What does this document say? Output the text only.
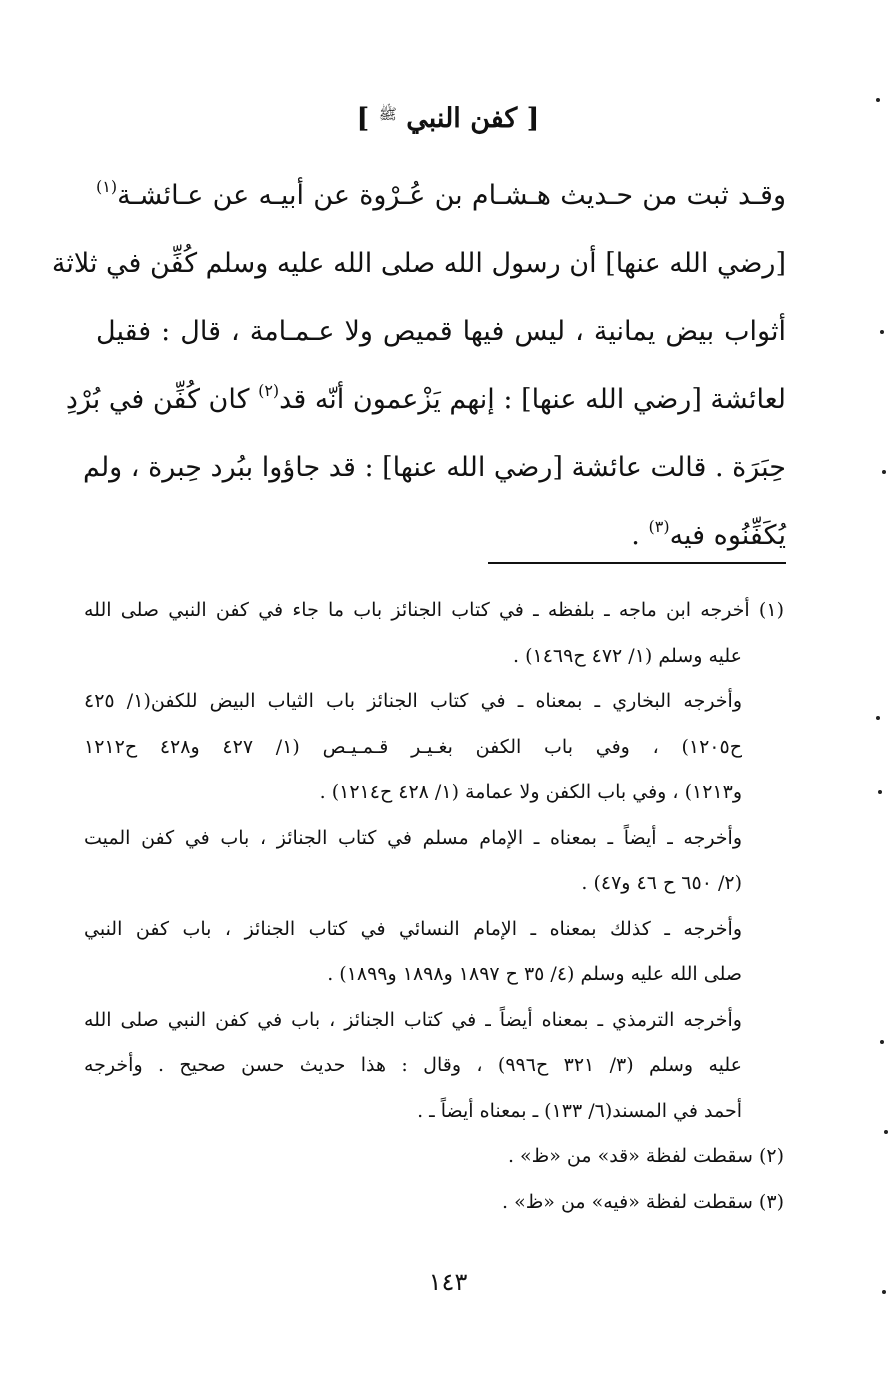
[ كفن النبي $^ﷺ$ ]
وقـد ثبت من حـديث هـشـام بن عُـرْوة عن أبيـه عن عـائشـة$^{(١)}$
[رضي الله عنها] أن رسول الله صلى الله عليه وسلم كُفِّن في ثلاثة
أثواب بيض يمانية ، ليس فيها قميص ولا عـمـامة ، قال : فقيل
لعائشة [رضي الله عنها] : إنهم يَزْعمون أنّه قد$^{(٢)}$ كان كُفِّن في بُرْدِ
حِبَرَة . قالت عائشة [رضي الله عنها] : قد جاؤوا ببُرد حِبرة ، ولم
يُكَفِّنُوه فيه$^{(٣)}$ .
(١) أخرجه ابن ماجه ـ بلفظه ـ في كتاب الجنائز باب ما جاء في كفن النبي صلى الله
عليه وسلم (١/ ٤٧٢ ح١٤٦٩) .
وأخرجه البخاري ـ بمعناه ـ في كتاب الجنائز باب الثياب البيض للكفن(١/ ٤٢٥
ح١٢٠٥) ، وفي باب الكفن بغـيـر قـمـيـص (١/ ٤٢٧ و٤٢٨ ح١٢١٢
و١٢١٣) ، وفي باب الكفن ولا عمامة (١/ ٤٢٨ ح١٢١٤) .
وأخرجه ـ أيضاً ـ بمعناه ـ الإمام مسلم في كتاب الجنائز ، باب في كفن الميت
(٢/ ٦٥٠ ح ٤٦ و٤٧) .
وأخرجه ـ كذلك بمعناه ـ الإمام النسائي في كتاب الجنائز ، باب كفن النبي
صلى الله عليه وسلم (٤/ ٣٥ ح ١٨٩٧ و١٨٩٨ و١٨٩٩) .
وأخرجه الترمذي ـ بمعناه أيضاً ـ في كتاب الجنائز ، باب في كفن النبي صلى الله
عليه وسلم (٣/ ٣٢١ ح٩٩٦) ، وقال : هذا حديث حسن صحيح . وأخرجه
أحمد في المسند(٦/ ١٣٣) ـ بمعناه أيضاً ـ .
(٢) سقطت لفظة «قد» من «ظ» .
(٣) سقطت لفظة «فيه» من «ظ» .
١٤٣
